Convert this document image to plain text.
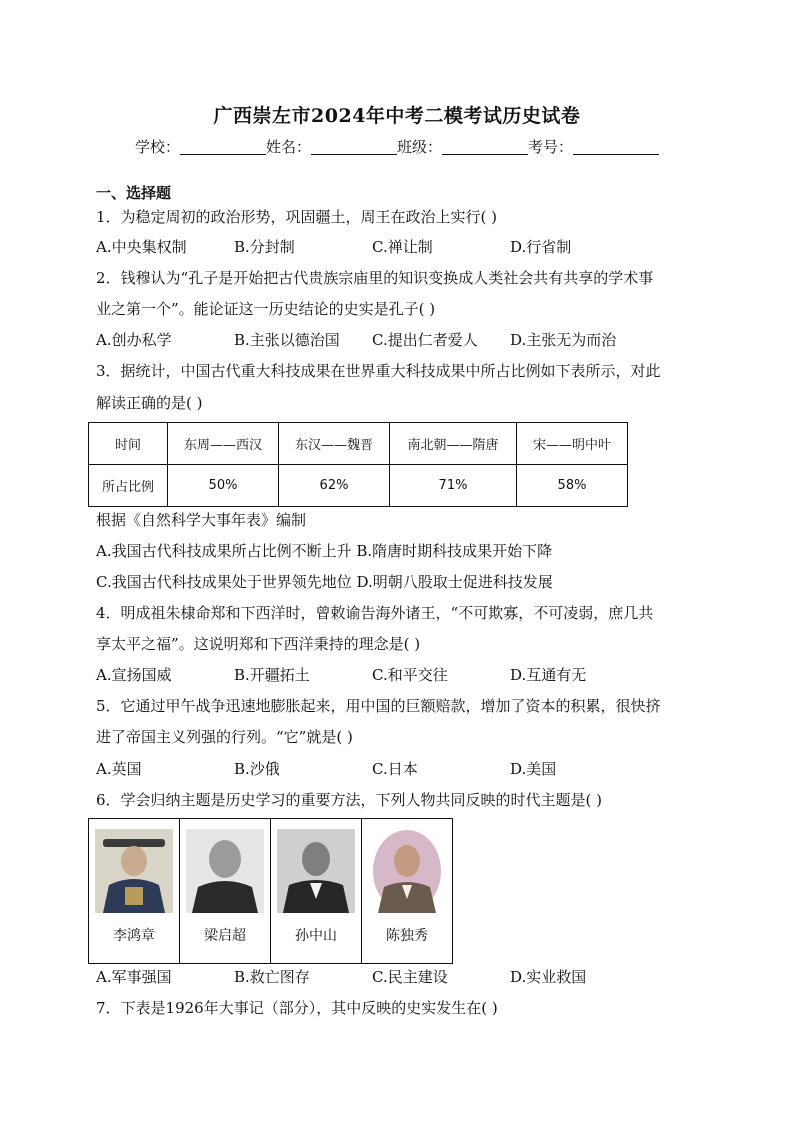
广西崇左市2024年中考二模考试历史试卷
学校：	姓名：	班级：	考号：
一、选择题
1．为稳定周初的政治形势，巩固疆土，周王在政治上实行( )
A.中央集权制	B.分封制	C.禅让制	D.行省制
2．钱穆认为“孔子是开始把古代贵族宗庙里的知识变换成人类社会共有共享的学术事
业之第一个”。能论证这一历史结论的史实是孔子( )
A.创办私学	B.主张以德治国 C.提出仁者爱人 D.主张无为而治
3．据统计，中国古代重大科技成果在世界重大科技成果中所占比例如下表所示，对此
解读正确的是( )
时间	东周——西汉	东汉——魏晋	南北朝——隋唐	宋——明中叶
所占比例	50%	62%	71%	58%
根据《自然科学大事年表》编制
A.我国古代科技成果所占比例不断上升 B.隋唐时期科技成果开始下降
C.我国古代科技成果处于世界领先地位 D.明朝八股取士促进科技发展
4．明成祖朱棣命郑和下西洋时，曾敕谕告海外诸王，“不可欺寡，不可凌弱，庶几共
享太平之福”。这说明郑和下西洋秉持的理念是( )
A.宣扬国威	B.开疆拓土	C.和平交往	D.互通有无
5．它通过甲午战争迅速地膨胀起来，用中国的巨额赔款，增加了资本的积累，很快挤
进了帝国主义列强的行列。“它”就是( )
A.英国	B.沙俄	C.日本	D.美国
6．学会归纳主题是历史学习的重要方法，下列人物共同反映的时代主题是( )
李鸿章	梁启超	孙中山	陈独秀
A.军事强国	B.救亡图存	C.民主建设	D.实业救国
7．下表是1926年大事记（部分），其中反映的史实发生在( )
